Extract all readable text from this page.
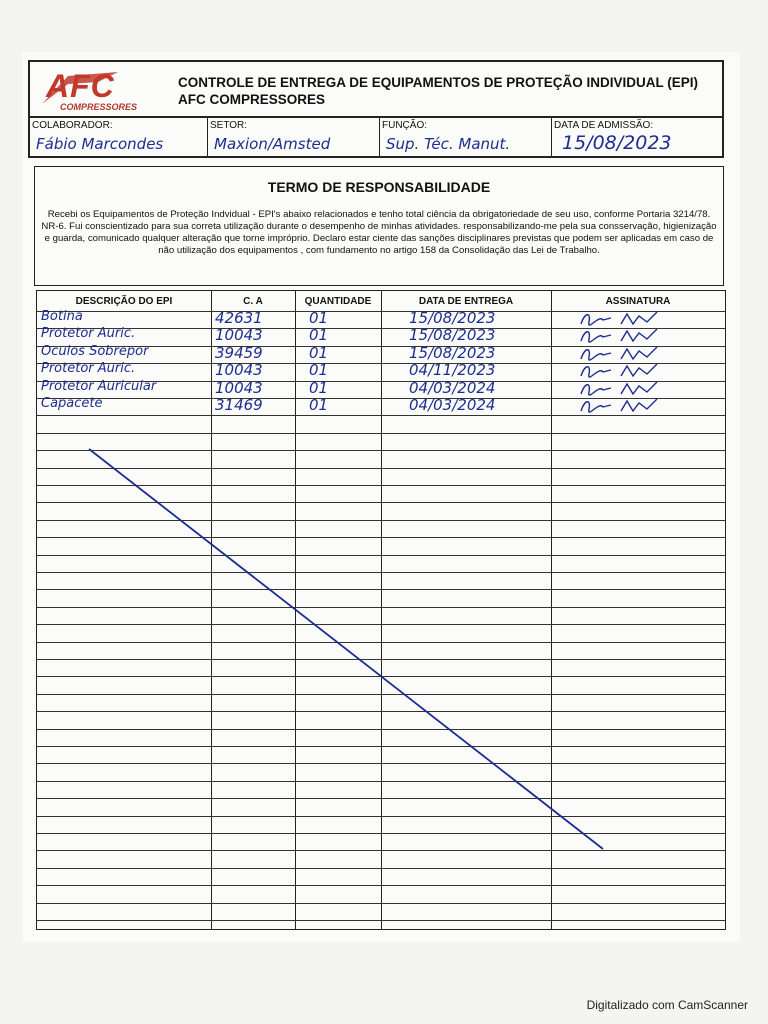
AFC
COMPRESSORES
CONTROLE DE ENTREGA DE EQUIPAMENTOS DE PROTEÇÃO INDIVIDUAL (EPI)
AFC COMPRESSORES
COLABORADOR:
Fábio Marcondes
SETOR:
Maxion/Amsted
FUNÇÃO:
Sup. Téc. Manut.
DATA DE ADMISSÃO:
15/08/2023
TERMO DE RESPONSABILIDADE
Recebi os Equipamentos de Proteção Indvidual - EPI's abaixo relacionados e tenho total ciência da obrigatoriedade de seu uso, conforme Portaria 3214/78. NR-6. Fui conscientizado para sua correta utilização durante o desempenho de minhas atividades. responsabilizando-me pela sua consservação, higienização e guarda, comunicado qualquer alteração que torne impróprio. Declaro estar ciente das sanções disciplinares previstas que podem ser aplicadas em caso de não utilização dos equipamentos , com fundamento no artigo 158 da Consolidação das Lei de Trabalho.
DESCRIÇÃO DO EPI	C. A	QUANTIDADE	DATA DE ENTREGA	ASSINATURA
Botina	42631	01	15/08/2023
Protetor Auric.	10043	01	15/08/2023
Óculos Sobrepor	39459	01	15/08/2023
Protetor Auric.	10043	01	04/11/2023
Protetor Auricular	10043	01	04/03/2024
Capacete	31469	01	04/03/2024
Digitalizado com CamScanner
